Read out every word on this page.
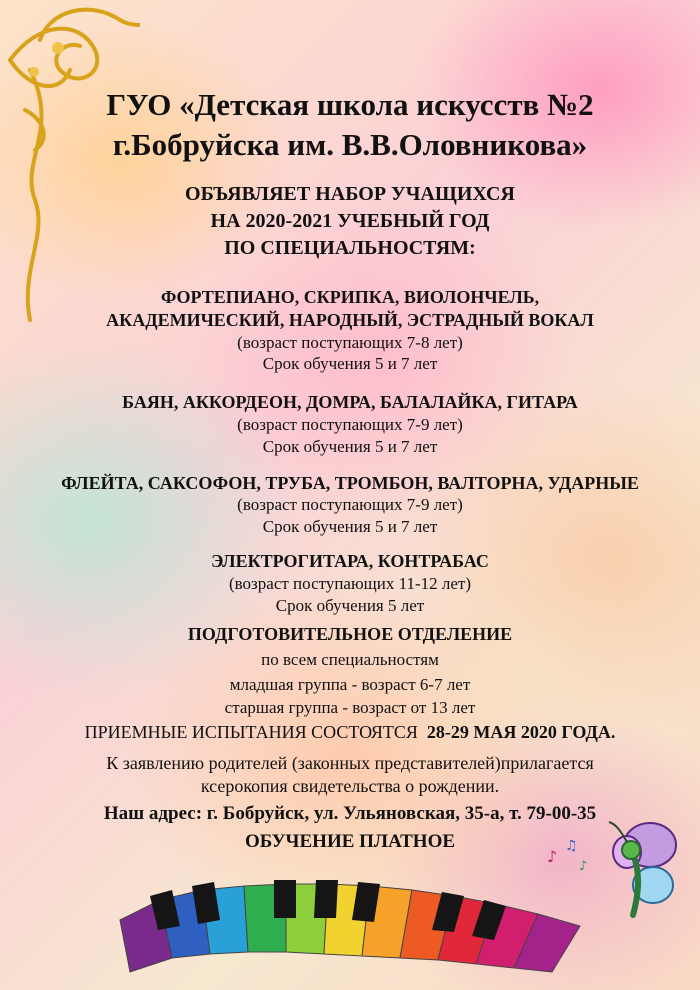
ГУО «Детская школа искусств №2
г.Бобруйска им. В.В.Оловникова»
ОБЪЯВЛЯЕТ НАБОР УЧАЩИХСЯ
НА 2020-2021 УЧЕБНЫЙ ГОД
ПО СПЕЦИАЛЬНОСТЯМ:
ФОРТЕПИАНО, СКРИПКА, ВИОЛОНЧЕЛЬ,
АКАДЕМИЧЕСКИЙ, НАРОДНЫЙ, ЭСТРАДНЫЙ ВОКАЛ
(возраст поступающих 7-8 лет)
Срок обучения 5 и 7 лет
БАЯН, АККОРДЕОН, ДОМРА, БАЛАЛАЙКА, ГИТАРА
(возраст поступающих 7-9 лет)
Срок обучения 5 и 7 лет
ФЛЕЙТА, САКСОФОН, ТРУБА, ТРОМБОН, ВАЛТОРНА, УДАРНЫЕ
(возраст поступающих 7-9 лет)
Срок обучения 5 и 7 лет
ЭЛЕКТРОГИТАРА, КОНТРАБАС
(возраст поступающих 11-12 лет)
Срок обучения 5 лет
ПОДГОТОВИТЕЛЬНОЕ ОТДЕЛЕНИЕ
по всем специальностям
младшая группа - возраст 6-7 лет
старшая группа - возраст от 13 лет
ПРИЕМНЫЕ ИСПЫТАНИЯ СОСТОЯТСЯ 28-29 МАЯ 2020 ГОДА.
К заявлению родителей (законных представителей)прилагается
ксерокопия свидетельства о рождении.
Наш адрес: г. Бобруйск, ул. Ульяновская, 35-а, т. 79-00-35
ОБУЧЕНИЕ ПЛАТНОЕ
♪
♫
♪
